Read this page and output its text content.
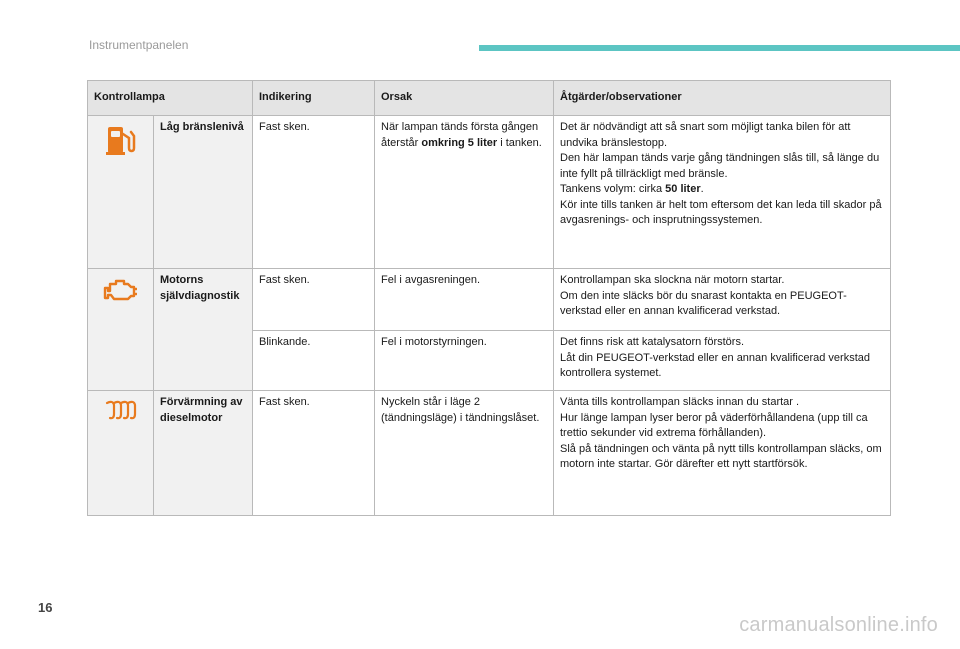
Instrumentpanelen
Kontrollampa		Indikering	Orsak	Åtgärder/observationer

	Låg bränslenivå	Fast sken.	När lampan tänds första gången återstår omkring 5 liter i tanken.	Det är nödvändigt att så snart som möjligt tanka bilen för att undvika bränslestopp.
Den här lampan tänds varje gång tändningen slås till, så länge du inte fyllt på tillräckligt med bränsle.
Tankens volym: cirka 50 liter.
Kör inte tills tanken är helt tom eftersom det kan leda till skador på avgasrenings- och insprutningssystemen.

	Motorns självdiagnostik	Fast sken.	Fel i avgasreningen.	Kontrollampan ska slockna när motorn startar.
Om den inte släcks bör du snarast kontakta en PEUGEOT-verkstad eller en annan kvalificerad verkstad.

		Blinkande.	Fel i motorstyrningen.	Det finns risk att katalysatorn förstörs.
Låt din PEUGEOT-verkstad eller en annan kvalificerad verkstad kontrollera systemet.

	Förvärmning av dieselmotor	Fast sken.	Nyckeln står i läge 2 (tändningsläge) i tändningslåset.	Vänta tills kontrollampan släcks innan du startar .
Hur länge lampan lyser beror på väderförhållandena (upp till ca trettio sekunder vid extrema förhållanden).
Slå på tändningen och vänta på nytt tills kontrollampan släcks, om motorn inte startar. Gör därefter ett nytt startförsök.
16
carmanualsonline.info
